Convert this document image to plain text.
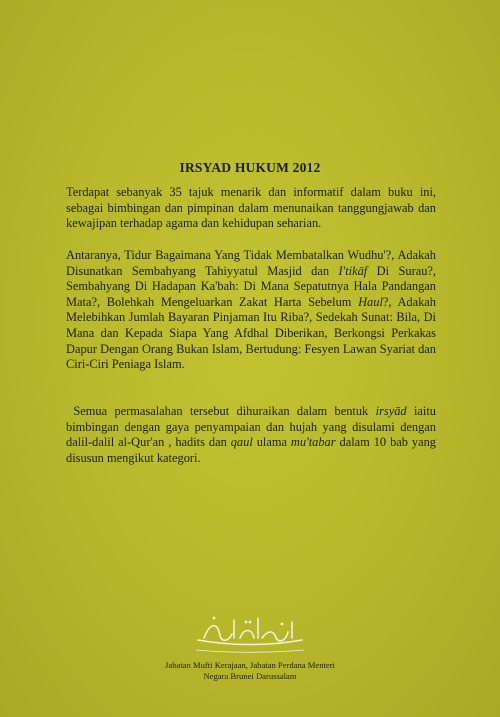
IRSYAD HUKUM 2012

Terdapat sebanyak 35 tajuk menarik dan informatif dalam buku ini, sebagai bimbingan dan pimpinan dalam menunaikan tanggungjawab dan kewajipan terhadap agama dan kehidupan seharian.

Antaranya, Tidur Bagaimana Yang Tidak Membatalkan Wudhu'?, Adakah Disunatkan Sembahyang Tahiyyatul Masjid dan I'tikāf Di Surau?, Sembahyang Di Hadapan Ka'bah: Di Mana Sepatutnya Hala Pandangan Mata?, Bolehkah Mengeluarkan Zakat Harta Sebelum Haul?, Adakah Melebihkan Jumlah Bayaran Pinjaman Itu Riba?, Sedekah Sunat: Bila, Di Mana dan Kepada Siapa Yang Afdhal Diberikan, Berkongsi Perkakas Dapur Dengan Orang Bukan Islam, Bertudung: Fesyen Lawan Syariat dan Ciri-Ciri Peniaga Islam.

Semua permasalahan tersebut dihuraikan dalam bentuk irsyād iaitu bimbingan dengan gaya penyampaian dan hujah yang disulami dengan dalil-dalil al-Qur'an , hadits dan qaul ulama mu'tabar dalam 10 bab yang disusun mengikut kategori.

Jabatan Mufti Kerajaan, Jabatan Perdana Menteri
Negara Brunei Darussalam
